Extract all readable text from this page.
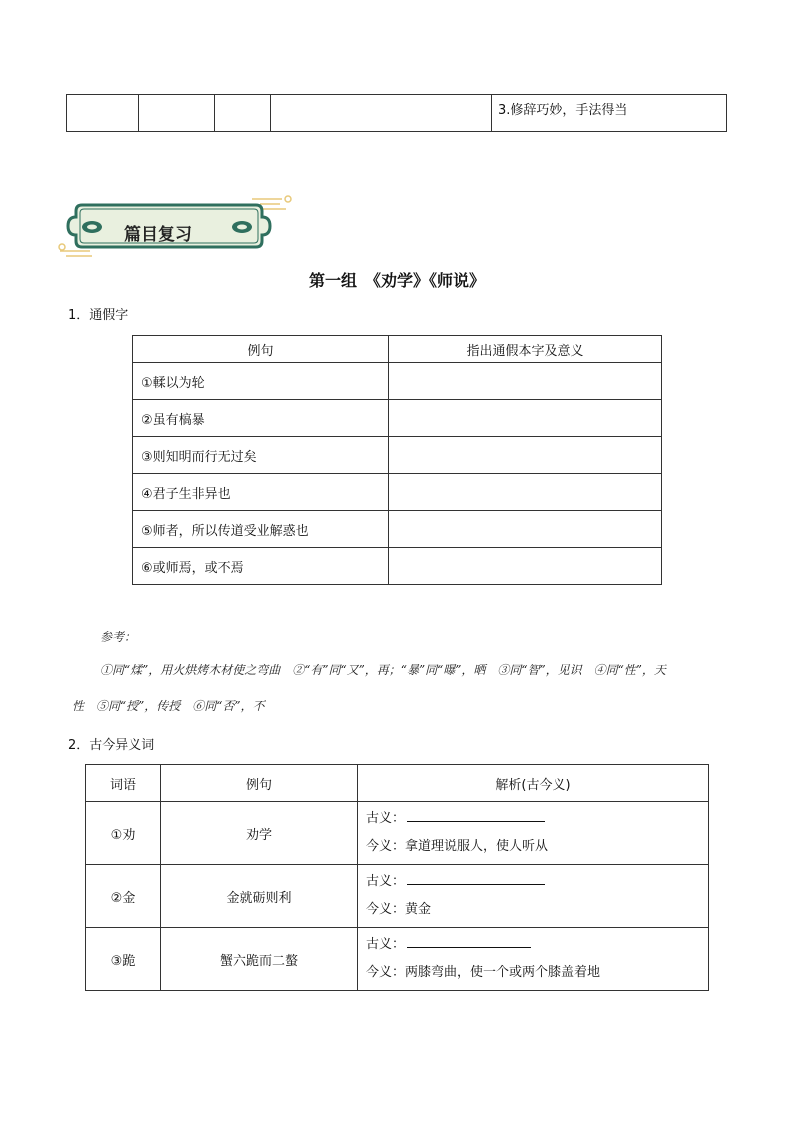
				3.修辞巧妙，手法得当
篇目复习
第一组　《劝学》《师说》
1．通假字
例句	指出通假本字及意义
①輮以为轮	
②虽有槁暴	
③则知明而行无过矣	
④君子生非异也	
⑤师者，所以传道受业解惑也	
⑥或师焉，或不焉	
参考：
①同“煣”，用火烘烤木材使之弯曲　②“有”同“又”，再；“暴”同“曝”，晒　③同“智”，见识　④同“性”，天
性　⑤同“授”，传授　⑥同“否”，不
2．古今异义词
词语	例句	解析(古今义)
①劝	劝学	古义：
今义：拿道理说服人，使人听从

②金	金就砺则利	古义：
今义：黄金

③跪	蟹六跪而二螯	古义：
今义：两膝弯曲，使一个或两个膝盖着地
